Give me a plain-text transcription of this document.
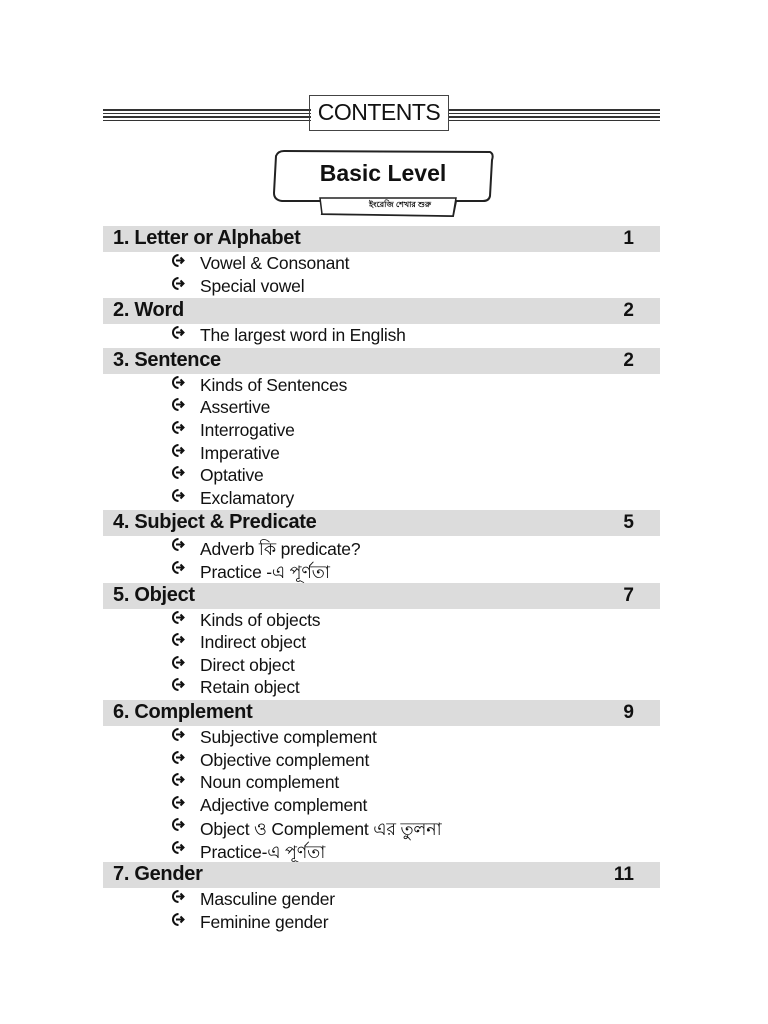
CONTENTS
Basic Level
ইংরেজি শেখার শুরু
1. Letter or Alphabet	1
Vowel & Consonant
Special vowel
2. Word	2
The largest word in English
3. Sentence	2
Kinds of Sentences
Assertive
Interrogative
Imperative
Optative
Exclamatory
4. Subject & Predicate	5
Adverb কি predicate?
Practice -এ পূর্ণতা
5. Object	7
Kinds of objects
Indirect object
Direct object
Retain object
6. Complement	9
Subjective complement
Objective complement
Noun complement
Adjective complement
Object ও Complement এর তুলনা
Practice-এ পূর্ণতা
7. Gender	11
Masculine gender
Feminine gender
